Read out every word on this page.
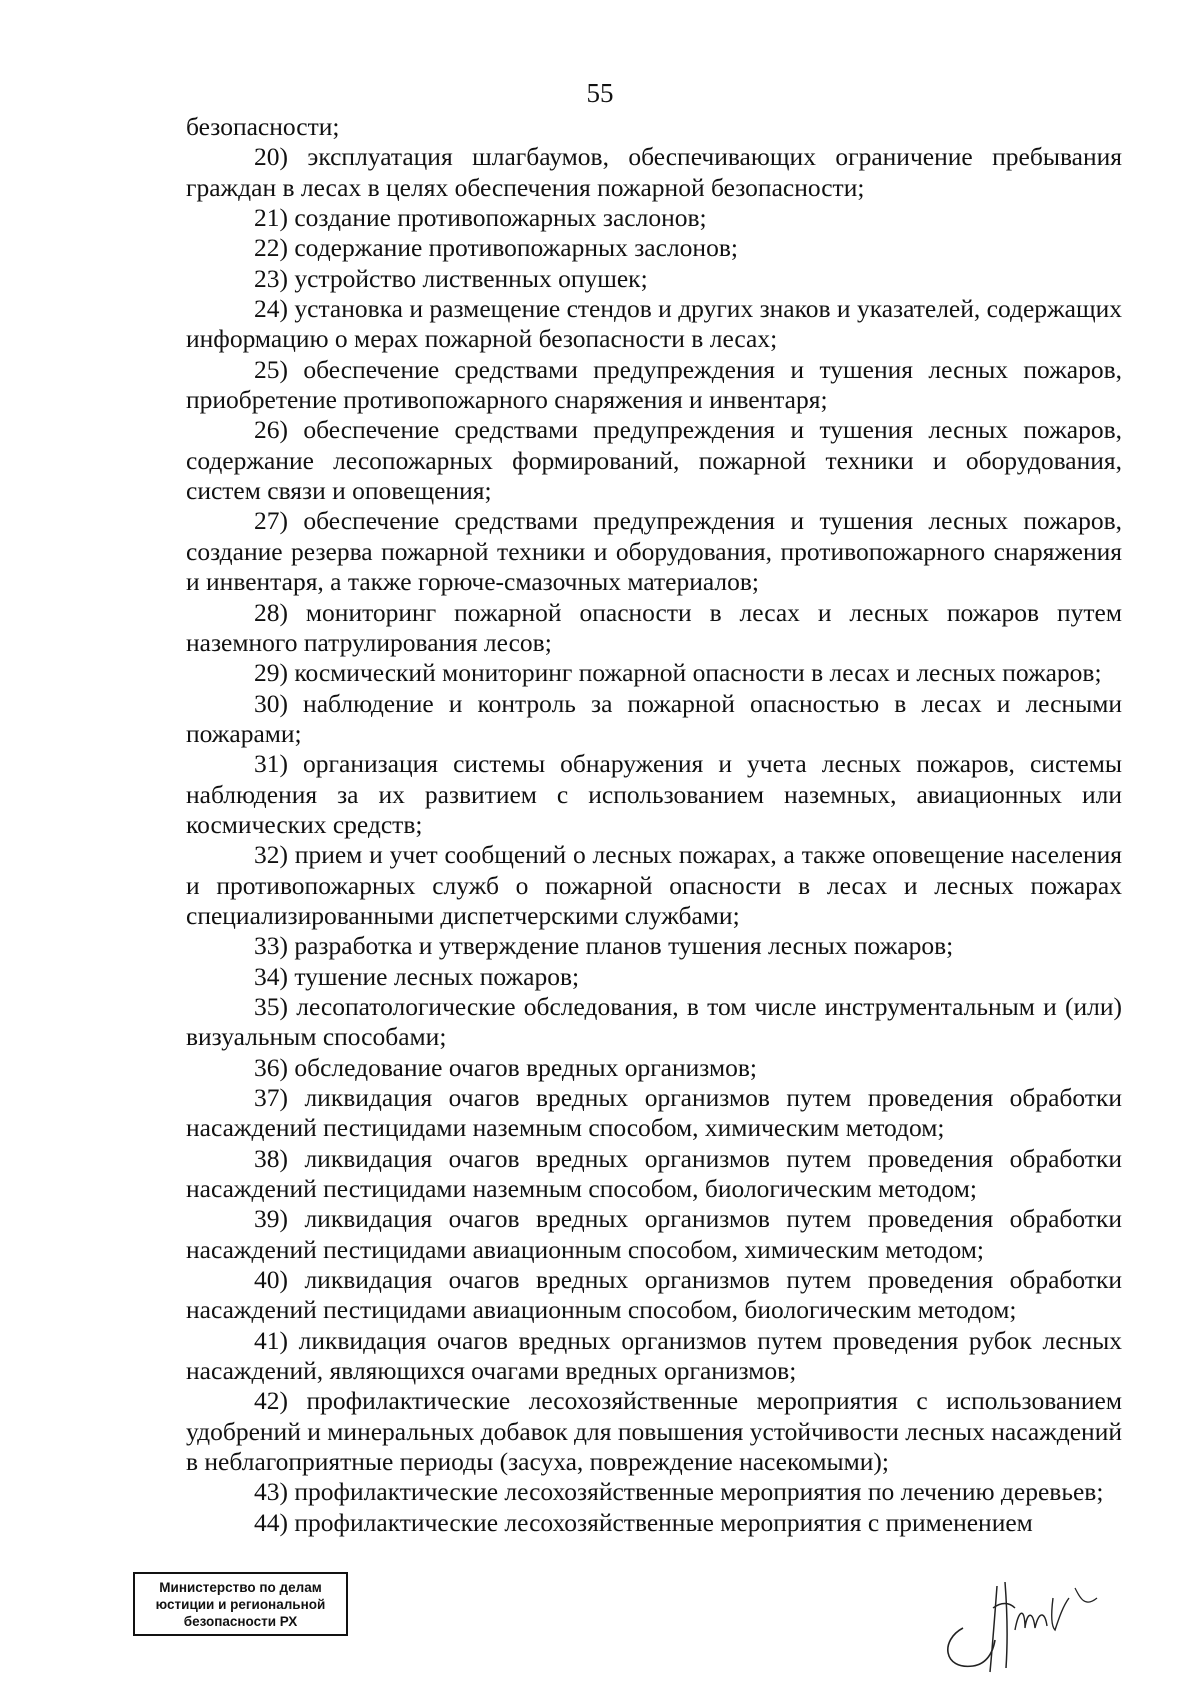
55

безопасности;

20) эксплуатация шлагбаумов, обеспечивающих ограничение пребывания граждан в лесах в целях обеспечения пожарной безопасности;

21) создание противопожарных заслонов;

22) содержание противопожарных заслонов;

23) устройство лиственных опушек;

24) установка и размещение стендов и других знаков и указателей, содержащих информацию о мерах пожарной безопасности в лесах;

25) обеспечение средствами предупреждения и тушения лесных пожаров, приобретение противопожарного снаряжения и инвентаря;

26) обеспечение средствами предупреждения и тушения лесных пожаров, содержание лесопожарных формирований, пожарной техники и оборудования, систем связи и оповещения;

27) обеспечение средствами предупреждения и тушения лесных пожаров, создание резерва пожарной техники и оборудования, противопожарного снаряжения и инвентаря, а также горюче-смазочных материалов;

28) мониторинг пожарной опасности в лесах и лесных пожаров путем наземного патрулирования лесов;

29) космический мониторинг пожарной опасности в лесах и лесных пожаров;

30) наблюдение и контроль за пожарной опасностью в лесах и лесными пожарами;

31) организация системы обнаружения и учета лесных пожаров, системы наблюдения за их развитием с использованием наземных, авиационных или космических средств;

32) прием и учет сообщений о лесных пожарах, а также оповещение населения и противопожарных служб о пожарной опасности в лесах и лесных пожарах специализированными диспетчерскими службами;

33) разработка и утверждение планов тушения лесных пожаров;

34) тушение лесных пожаров;

35) лесопатологические обследования, в том числе инструментальным и (или) визуальным способами;

36) обследование очагов вредных организмов;

37) ликвидация очагов вредных организмов путем проведения обработки насаждений пестицидами наземным способом, химическим методом;

38) ликвидация очагов вредных организмов путем проведения обработки насаждений пестицидами наземным способом, биологическим методом;

39) ликвидация очагов вредных организмов путем проведения обработки насаждений пестицидами авиационным способом, химическим методом;

40) ликвидация очагов вредных организмов путем проведения обработки насаждений пестицидами авиационным способом, биологическим методом;

41) ликвидация очагов вредных организмов путем проведения рубок лесных насаждений, являющихся очагами вредных организмов;

42) профилактические лесохозяйственные мероприятия с использованием удобрений и минеральных добавок для повышения устойчивости лесных насаждений в неблагоприятные периоды (засуха, повреждение насекомыми);

43) профилактические лесохозяйственные мероприятия по лечению деревьев;

44) профилактические лесохозяйственные мероприятия с применением

Министерство по делам
юстиции и региональной
безопасности РХ
